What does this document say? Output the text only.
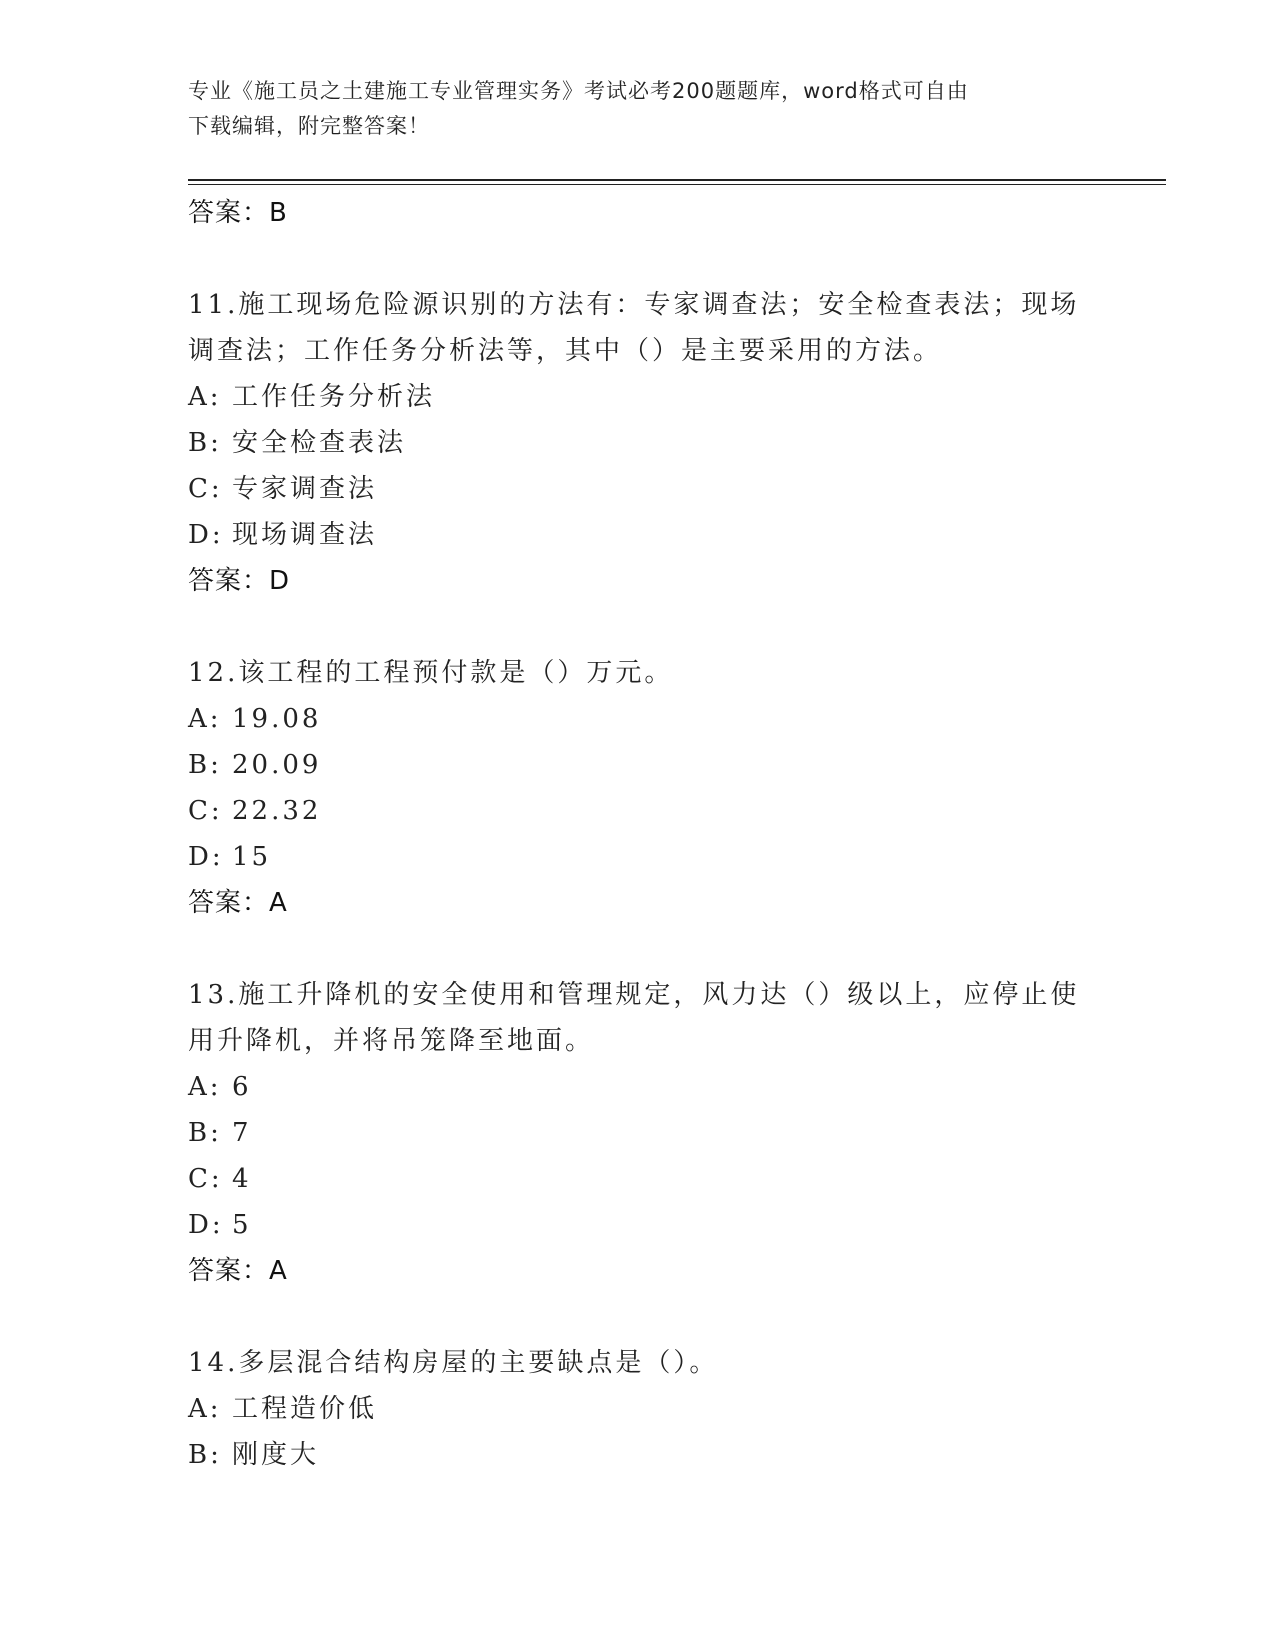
专业《施工员之土建施工专业管理实务》考试必考200题题库，word格式可自由
下载编辑，附完整答案！
答案：B
11.施工现场危险源识别的方法有：专家调查法；安全检查表法；现场
调查法；工作任务分析法等，其中（）是主要采用的方法。
A: 工作任务分析法
B: 安全检查表法
C: 专家调查法
D: 现场调查法
答案：D
12.该工程的工程预付款是（）万元。
A: 19.08
B: 20.09
C: 22.32
D: 15
答案：A
13.施工升降机的安全使用和管理规定，风力达（）级以上，应停止使
用升降机，并将吊笼降至地面。
A: 6
B: 7
C: 4
D: 5
答案：A
14.多层混合结构房屋的主要缺点是（）。
A: 工程造价低
B: 刚度大
